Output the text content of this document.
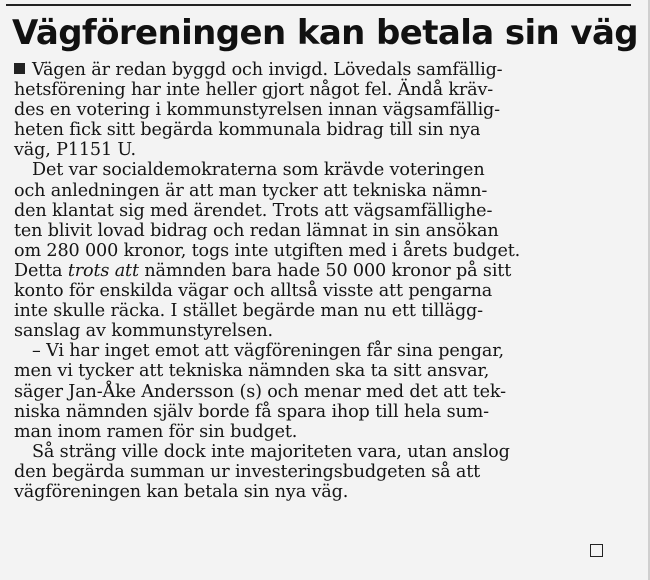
Vägföreningen kan betala sin väg
Vägen är redan byggd och invigd. Lövedals samfällig-
hetsförening har inte heller gjort något fel. Ändå kräv-
des en votering i kommunstyrelsen innan vägsamfällig-
heten fick sitt begärda kommunala bidrag till sin nya
väg, P1151 U.
Det var socialdemokraterna som krävde voteringen
och anledningen är att man tycker att tekniska nämn-
den klantat sig med ärendet. Trots att vägsamfällighe-
ten blivit lovad bidrag och redan lämnat in sin ansökan
om 280 000 kronor, togs inte utgiften med i årets budget.
Detta trots att nämnden bara hade 50 000 kronor på sitt
konto för enskilda vägar och alltså visste att pengarna
inte skulle räcka. I stället begärde man nu ett tillägg-
sanslag av kommunstyrelsen.
– Vi har inget emot att vägföreningen får sina pengar,
men vi tycker att tekniska nämnden ska ta sitt ansvar,
säger Jan-Åke Andersson (s) och menar med det att tek-
niska nämnden själv borde få spara ihop till hela sum-
man inom ramen för sin budget.
Så sträng ville dock inte majoriteten vara, utan anslog
den begärda summan ur investeringsbudgeten så att
vägföreningen kan betala sin nya väg.
